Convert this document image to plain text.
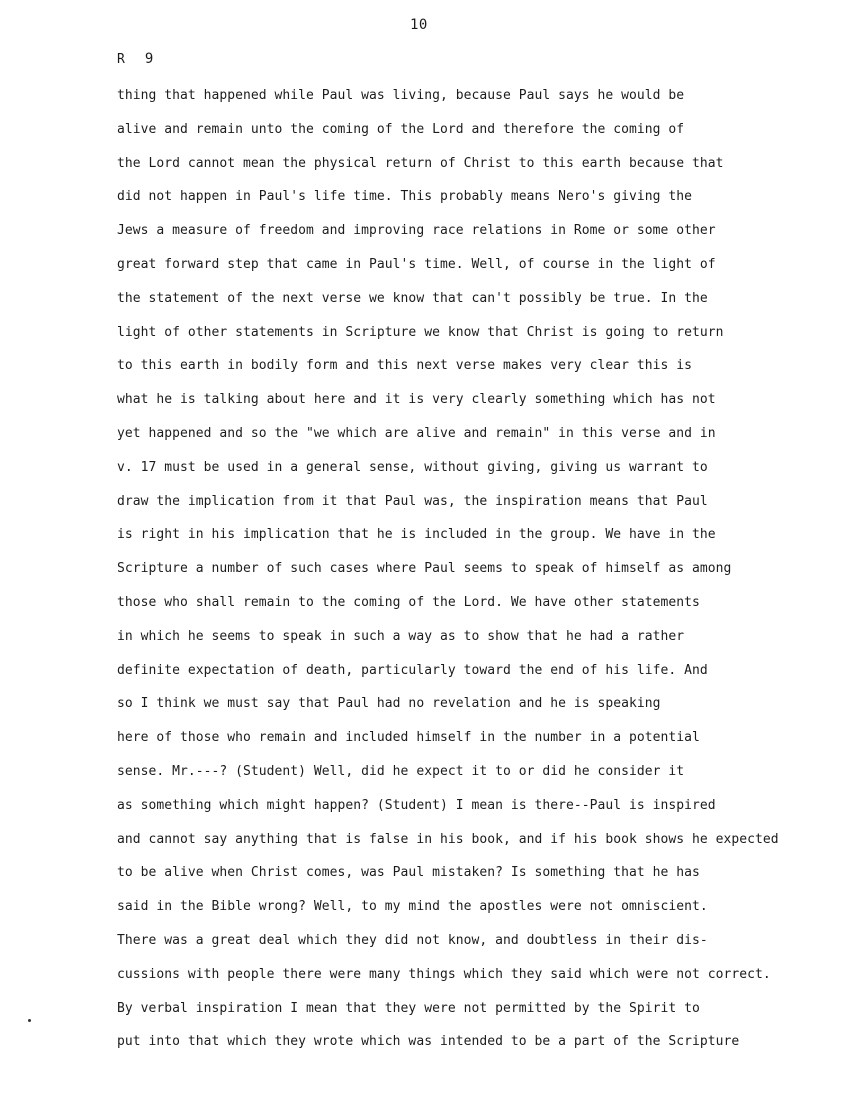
10
R 9
thing that happened while Paul was living, because Paul says he would be
alive and remain unto the coming of the Lord and therefore the coming of
the Lord cannot mean the physical return of Christ to this earth because that
did not happen in Paul's life time. This probably means Nero's giving the
Jews a measure of freedom and improving race relations in Rome or some other
great forward step that came in Paul's time. Well, of course in the light of
the statement of the next verse we know that can't possibly be true. In the
light of other statements in Scripture we know that Christ is going to return
to this earth in bodily form and this next verse makes very clear this is
what he is talking about here and it is very clearly something which has not
yet happened and so the "we which are alive and remain" in this verse and in
v. 17 must be used in a general sense, without giving, giving us warrant to
draw the implication from it that Paul was, the inspiration means that Paul
is right in his implication that he is included in the group. We have in the
Scripture a number of such cases where Paul seems to speak of himself as among
those who shall remain to the coming of the Lord. We have other statements
in which he seems to speak in such a way as to show that he had a rather
definite expectation of death, particularly toward the end of his life. And
so I think we must say that Paul had no revelation and he is speaking
here of those who remain and included himself in the number in a potential
sense. Mr.---? (Student) Well, did he expect it to or did he consider it
as something which might happen? (Student) I mean is there--Paul is inspired
and cannot say anything that is false in his book, and if his book shows he expected
to be alive when Christ comes, was Paul mistaken? Is something that he has
said in the Bible wrong? Well, to my mind the apostles were not omniscient.
There was a great deal which they did not know, and doubtless in their dis-
cussions with people there were many things which they said which were not correct.
By verbal inspiration I mean that they were not permitted by the Spirit to
put into that which they wrote which was intended to be a part of the Scripture
